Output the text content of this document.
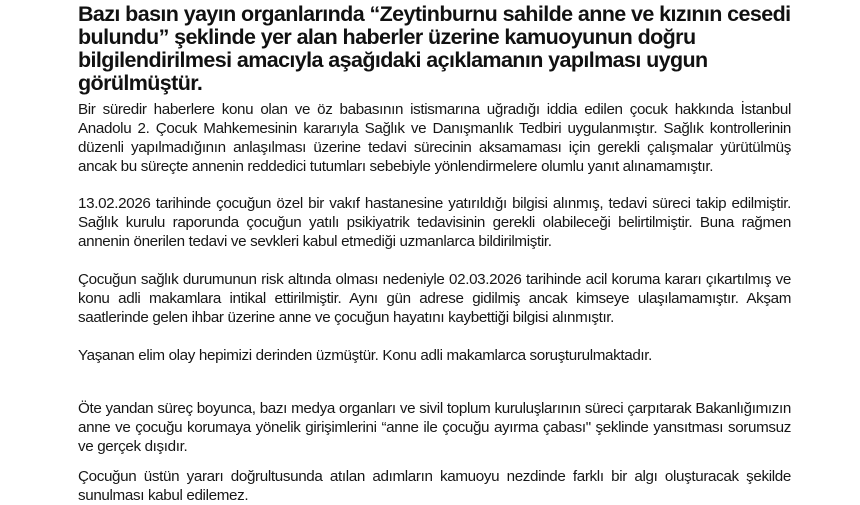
Bazı basın yayın organlarında “Zeytinburnu sahilde anne ve kızının cesedi bulundu” şeklinde yer alan haberler üzerine kamuoyunun doğru bilgilendirilmesi amacıyla aşağıdaki açıklamanın yapılması uygun görülmüştür.

Bir süredir haberlere konu olan ve öz babasının istismarına uğradığı iddia edilen çocuk hakkında İstanbul Anadolu 2. Çocuk Mahkemesinin kararıyla Sağlık ve Danışmanlık Tedbiri uygulanmıştır. Sağlık kontrollerinin düzenli yapılmadığının anlaşılması üzerine tedavi sürecinin aksamaması için gerekli çalışmalar yürütülmüş ancak bu süreçte annenin reddedici tutumları sebebiyle yönlendirmelere olumlu yanıt alınamamıştır.

13.02.2026 tarihinde çocuğun özel bir vakıf hastanesine yatırıldığı bilgisi alınmış, tedavi süreci takip edilmiştir. Sağlık kurulu raporunda çocuğun yatılı psikiyatrik tedavisinin gerekli olabileceği belirtilmiştir. Buna rağmen annenin önerilen tedavi ve sevkleri kabul etmediği uzmanlarca bildirilmiştir.

Çocuğun sağlık durumunun risk altında olması nedeniyle 02.03.2026 tarihinde acil koruma kararı çıkartılmış ve konu adli makamlara intikal ettirilmiştir. Aynı gün adrese gidilmiş ancak kimseye ulaşılamamıştır. Akşam saatlerinde gelen ihbar üzerine anne ve çocuğun hayatını kaybettiği bilgisi alınmıştır.

Yaşanan elim olay hepimizi derinden üzmüştür. Konu adli makamlarca soruşturulmaktadır.

Öte yandan süreç boyunca, bazı medya organları ve sivil toplum kuruluşlarının süreci çarpıtarak Bakanlığımızın anne ve çocuğu korumaya yönelik girişimlerini “anne ile çocuğu ayırma çabası" şeklinde yansıtması sorumsuz ve gerçek dışıdır.

Çocuğun üstün yararı doğrultusunda atılan adımların kamuoyu nezdinde farklı bir algı oluşturacak şekilde sunulması kabul edilemez.
